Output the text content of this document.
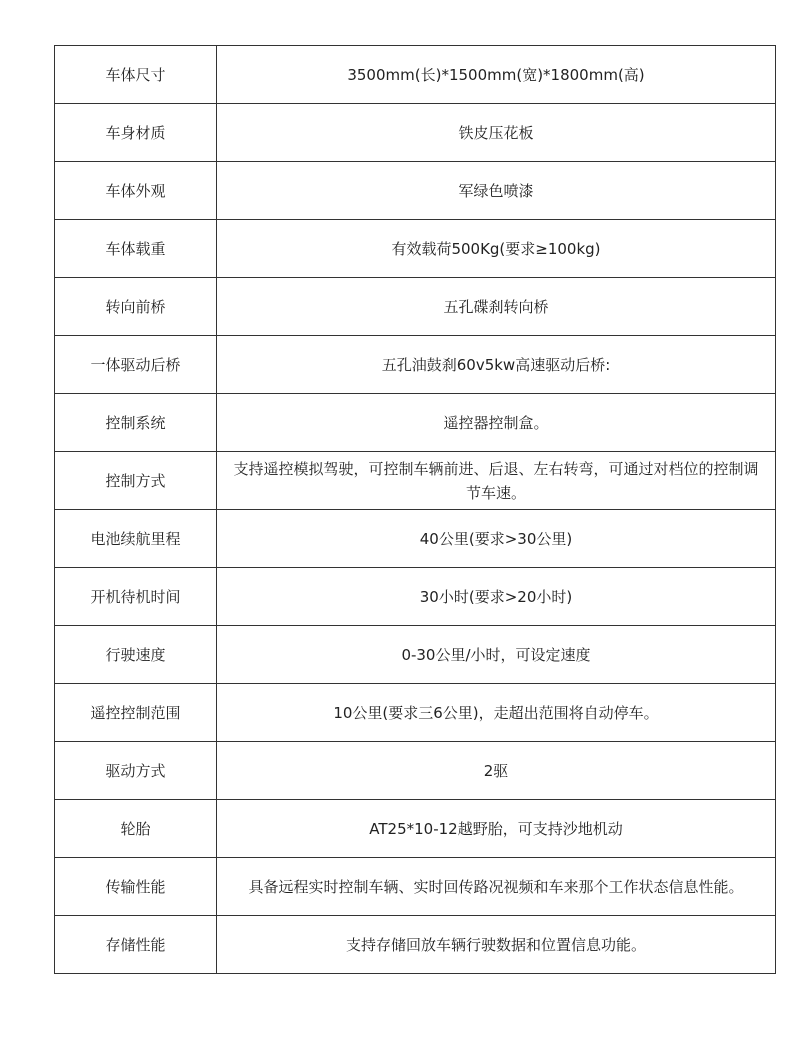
车体尺寸	3500mm(长)*1500mm(宽)*1800mm(高)
车身材质	铁皮压花板
车体外观	军绿色喷漆
车体载重	有效载荷500Kg(要求≥100kg)
转向前桥	五孔碟刹转向桥
一体驱动后桥	五孔油鼓刹60v5kw高速驱动后桥:
控制系统	遥控器控制盒。
控制方式	支持遥控模拟驾驶，可控制车辆前进、后退、左右转弯，可通过对档位的控制调节车速。
电池续航里程	40公里(要求>30公里)
开机待机时间	30小时(要求>20小时)
行驶速度	0-30公里/小时，可设定速度
遥控控制范围	10公里(要求三6公里)，走超出范围将自动停车。
驱动方式	2驱
轮胎	AT25*10-12越野胎，可支持沙地机动
传输性能	具备远程实时控制车辆、实时回传路况视频和车来那个工作状态信息性能。
存储性能	支持存储回放车辆行驶数据和位置信息功能。
